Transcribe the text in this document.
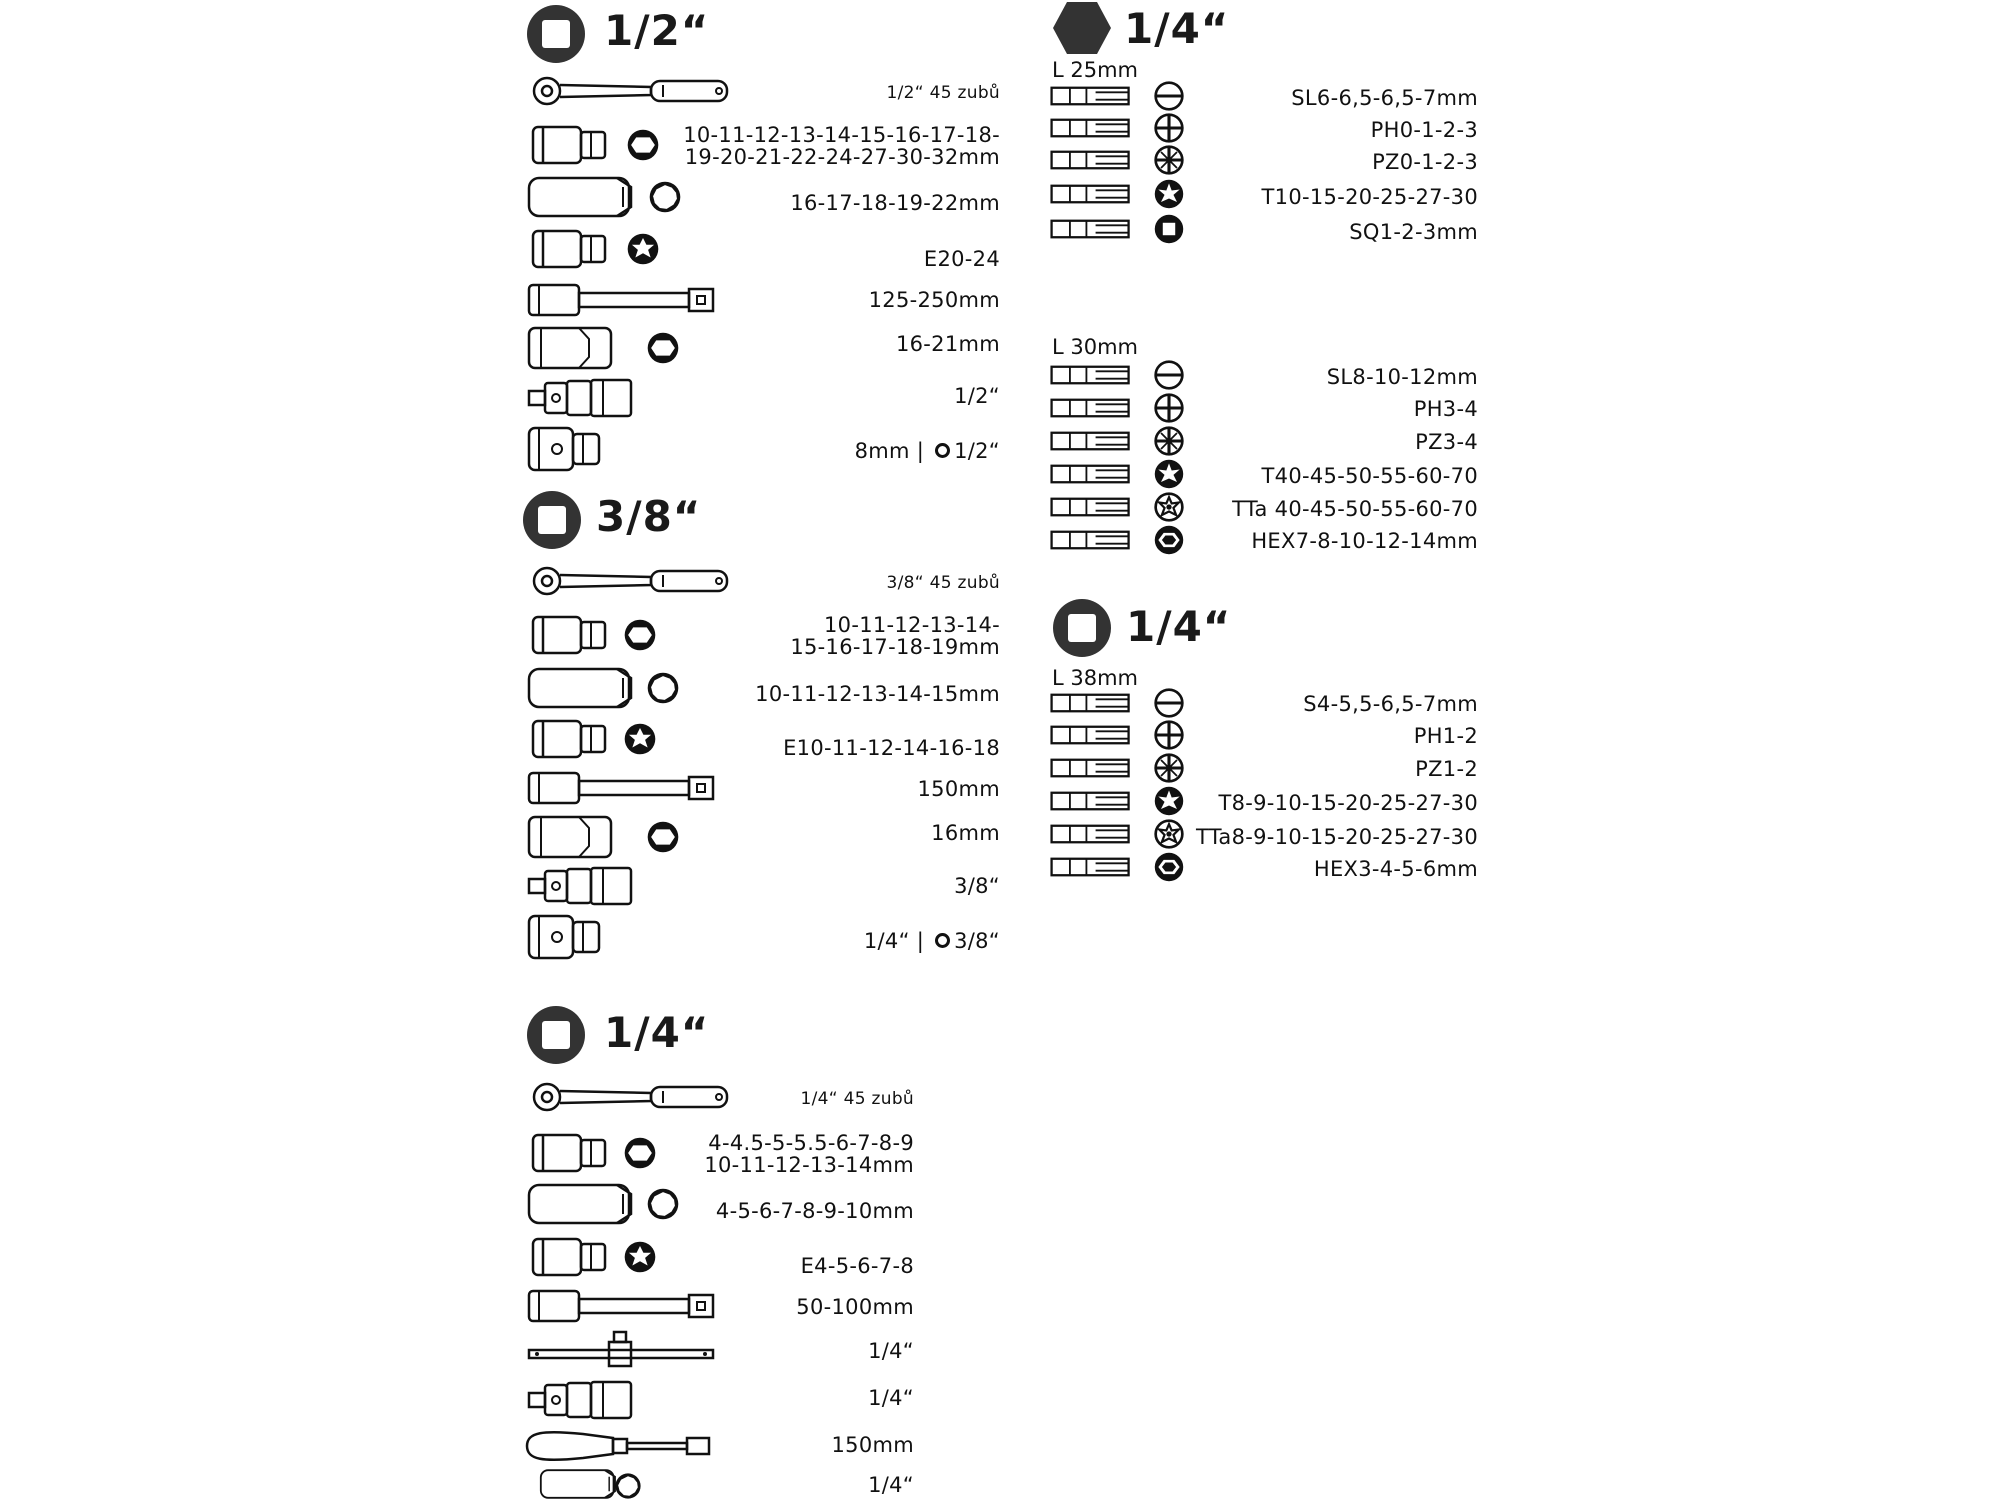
1/2“
1/2“ 45 zubů
10-11-12-13-14-15-16-17-18-
19-20-21-22-24-27-30-32mm
16-17-18-19-22mm
E20-24
125-250mm
16-21mm
1/2“
8mm | 1/2“
3/8“
3/8“ 45 zubů
10-11-12-13-14-
15-16-17-18-19mm
10-11-12-13-14-15mm
E10-11-12-14-16-18
150mm
16mm
3/8“
1/4“ | 3/8“
1/4“
1/4“ 45 zubů
4-4.5-5-5.5-6-7-8-9
10-11-12-13-14mm
4-5-6-7-8-9-10mm
E4-5-6-7-8
50-100mm
1/4“
1/4“
150mm
1/4“
1/4“
L 25mm
SL6-6,5-6,5-7mm
PH0-1-2-3
PZ0-1-2-3
T10-15-20-25-27-30
SQ1-2-3mm
L 30mm
SL8-10-12mm
PH3-4
PZ3-4
T40-45-50-55-60-70
TTa 40-45-50-55-60-70
HEX7-8-10-12-14mm
1/4“
L 38mm
S4-5,5-6,5-7mm
PH1-2
PZ1-2
T8-9-10-15-20-25-27-30
TTa8-9-10-15-20-25-27-30
HEX3-4-5-6mm
